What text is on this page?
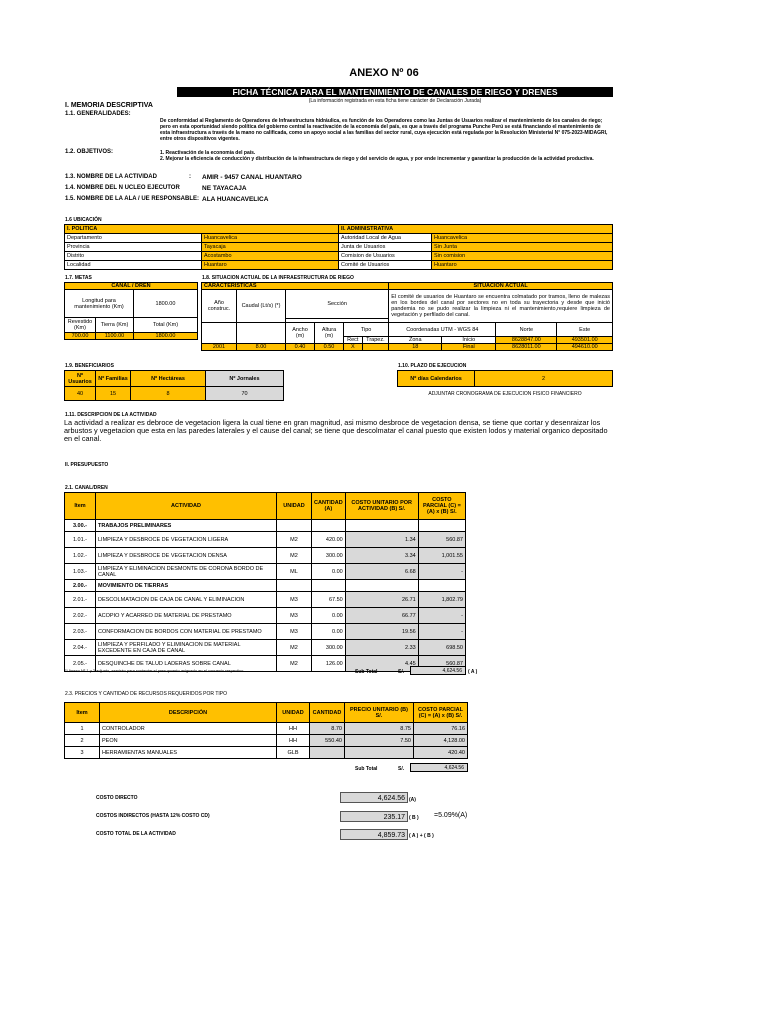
ANEXO Nº 06
FICHA TÉCNICA PARA EL MANTENIMIENTO DE CANALES DE RIEGO Y DRENES
(La información registrada en esta ficha tiene carácter de Declaración Jurada)
I. MEMORIA DESCRIPTIVA
1.1. GENERALIDADES:
De conformidad al Reglamento de Operadores de Infraestructura hidráulica, es función de los Operadores como las Juntas de Usuarios realizar el mantenimiento de los canales de riego; pero en esta oportunidad siendo política del gobierno central la reactivación de la economía del país, es que a través del programa Punche Perú se está financiando el mantenimiento de esta infraestructura a través de la mano no calificada, como un apoyo social a las familias del sector rural, cuya ejecución está regulada por la Resolución Ministerial N° 075-2023-MIDAGRI, entre otros dispositivos vigentes.
1.2. OBJETIVOS:	1. Reactivación de la economía del país.
2. Mejorar la eficiencia de conducción y distribución de la infraestructura de riego y del servicio de agua, y por ende incrementar y garantizar la producción de la actividad productiva.
1.3. NOMBRE DE LA ACTIVIDAD	: AMIR - 9457 CANAL HUANTARO
1.4. NOMBRE DEL N UCLEO EJECUTOR	NE TAYACAJA
1.5. NOMBRE DE LA ALA / UE RESPONSABLE: ALA HUANCAVELICA
1.6 UBICACIÓN
I. POLITICA		II. ADMINISTRATIVA	
Departamento	Huancavelica	Autoridad Local de Agua	Huancavelica
Provincia	Tayacaja	Junta de Usuarios	Sin Junta
Distrito	Acostambo	Comision de Usuarios	Sin comision
Localidad	Huantaro	Comité de Usuarios	Huantaro
1.7. METAS
CANAL / DREN		
Longitud para mantenimiento (Km)		1800.00
Revestido (Km)	Tierra (Km)	Total (Km)
700.00	1100.00	1800.00
1.8. SITUACION ACTUAL DE LA INFRAESTRUCTURA DE RIEGO
CARACTERISTICAS						SITUACION ACTUAL			
Año construc.	Caudal (Lt/s) (*)	Sección				El comité de usuarios de Huantaro se encuentra colmatado por tramos, lleno de malezas en los bordes del canal por sectores no en toda su trayectoria y desde que inició pandemia no se pudo realizar la limpieza ni el mantenimiento,requiere limpieza de vegetación y perfilado del canal.			

		Ancho (m)	Altura (m)	Tipo		Coordenadas UTM - WGS 84		Norte	Este
				Rect	Trapez.	Zona	Inicio	8628847.00	493501.00
2001	8.00	0.40	0.50	X		18	Final	8628011.00	494610.00
1.9. BENEFICIARIOS
Nº Usuarios	Nº Familias	Nº Hectáreas	Nº Jornales
40	15	8	70
1.10. PLAZO DE EJECUCION
Nº días Calendarios	2
ADJUNTAR CRONOGRAMA DE EJECUCION FISICO FINANCIERO
1.11. DESCRIPCION DE LA ACTIVIDAD
La actividad a realizar es debroce de vegetacion ligera la cual tiene en gran magnitud, asi mismo desbroce de vegetacion densa, se tiene que cortar y desenraizar los arbustos y vegetacion que esta en las paredes laterales y el cause del canal; se tiene que descolmatar el canal puesto que existen lodos y material organico depositado en el canal.
II. PRESUPUESTO
2.1. CANAL/DREN
Item	ACTIVIDAD	UNIDAD	CANTIDAD (A)	COSTO UNITARIO POR ACTIVIDAD (B) S/.	COSTO PARCIAL (C) = (A) x (B) S/.
3.00.-	TRABAJOS PRELIMINARES				
1.01.-	LIMPIEZA Y DESBROCE DE VEGETACION LIGERA	M2	420.00	1.34	560.87
1.02.-	LIMPIEZA Y DESBROCE DE VEGETACION DENSA	M2	300.00	3.34	1,001.55
1.03.-	LIMPIEZA Y ELIMINACION DESMONTE DE CORONA BORDO DE CANAL	ML	0.00	6.68	-
2.00.-	MOVIMIENTO DE TIERRAS				
2.01.-	DESCOLMATACION DE CAJA DE CANAL Y ELIMINACION	M3	67.50	26.71	1,802.79
2.02.-	ACOPIO Y ACARREO DE MATERIAL DE PRESTAMO	M3	0.00	66.77	-
2.03.-	CONFORMACION DE BORDOS CON MATERIAL DE PRESTAMO	M3	0.00	19.56	-
2.04.-	LIMPIEZA Y PERFILADO Y ELIMINACION DE MATERIAL EXCEDENTE EN CAJA DE CANAL	M2	300.00	2.33	698.50
2.05.-	DESQUINCHE DE TALUD LADERAS SOBRE CANAL	M2	126.00	4.45	560.87
El Anexo Nº 1 y 2 adjunto, servirán para sustentar el presupuesto asignado en el convenio respectivo.	Sub Total	S/.	4,624.56	( A )
2.3. PRECIOS Y CANTIDAD DE RECURSOS REQUERIDOS POR TIPO
Item	DESCRIPCIÓN	UNIDAD	CANTIDAD	PRECIO UNITARIO (B) S/.	COSTO PARCIAL (C) = (A) x (B) S/.
1	CONTROLADOR	HH	8.70	8.75	76.16
2	PEON	HH	550.40	7.50	4,128.00
3	HERRAMIENTAS MANUALES	GLB			420.40
Sub Total	S/.	4,624.56
COSTO DIRECTO	4,624.56 (A)
COSTOS INDIRECTOS (HASTA 12% COSTO CD)	235.17 ( B ) =5.09%(A)
COSTO TOTAL DE LA ACTIVIDAD	4,859.73 ( A ) + ( B )
